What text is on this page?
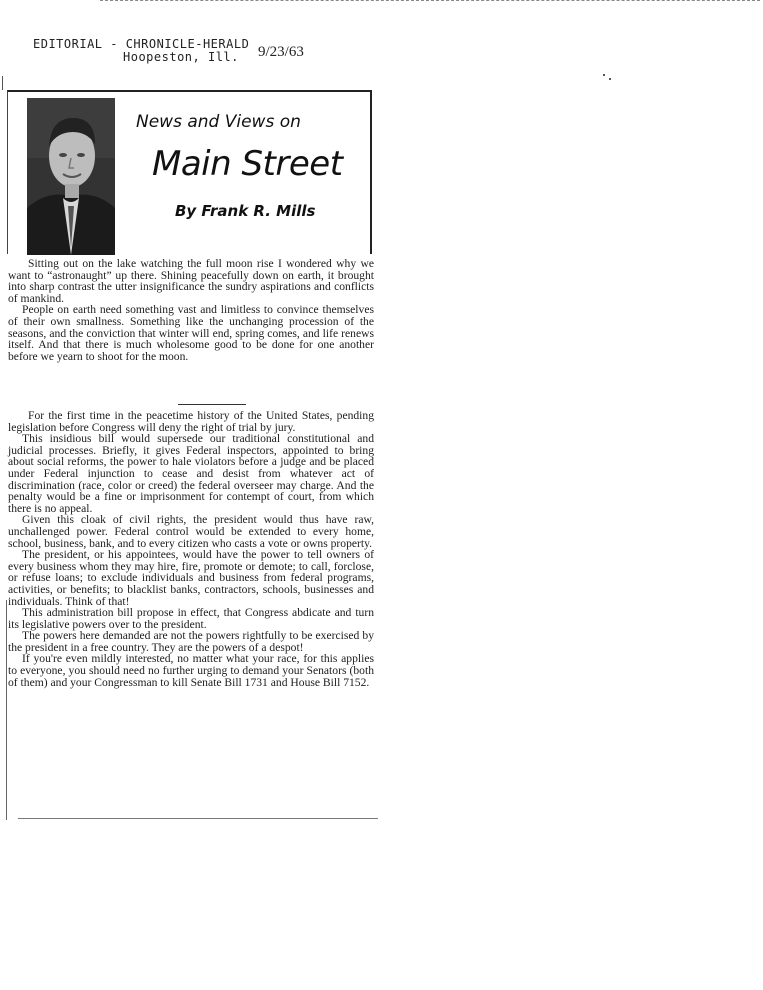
EDITORIAL - CHRONICLE-HERALD
Hoopeston, Ill. 9/23/63
News and Views on
Main Street
By Frank R. Mills

Sitting out on the lake watching the full moon rise I wondered why we want to “astronaught” up there. Shining peacefully down on earth, it brought into sharp contrast the utter insignificance the sundry aspirations and conflicts of mankind.

People on earth need something vast and limitless to convince themselves of their own smallness. Something like the unchanging procession of the seasons, and the conviction that winter will end, spring comes, and life renews itself. And that there is much wholesome good to be done for one another before we yearn to shoot for the moon.

For the first time in the peacetime history of the United States, pending legislation before Congress will deny the right of trial by jury.

This insidious bill would supersede our traditional constitutional and judicial processes. Briefly, it gives Federal inspectors, appointed to bring about social reforms, the power to hale violators before a judge and be placed under Federal injunction to cease and desist from whatever act of discrimination (race, color or creed) the federal overseer may charge. And the penalty would be a fine or imprisonment for contempt of court, from which there is no appeal.

Given this cloak of civil rights, the president would thus have raw, unchallenged power. Federal control would be extended to every home, school, business, bank, and to every citizen who casts a vote or owns property.

The president, or his appointees, would have the power to tell owners of every business whom they may hire, fire, promote or demote; to call, forclose, or refuse loans; to exclude individuals and business from federal programs, activities, or benefits; to blacklist banks, contractors, schools, businesses and individuals. Think of that!

This administration bill propose in effect, that Congress abdicate and turn its legislative powers over to the president.

The powers here demanded are not the powers rightfully to be exercised by the president in a free country. They are the powers of a despot!

If you're even mildly interested, no matter what your race, for this applies to everyone, you should need no further urging to demand your Senators (both of them) and your Congressman to kill Senate Bill 1731 and House Bill 7152.
